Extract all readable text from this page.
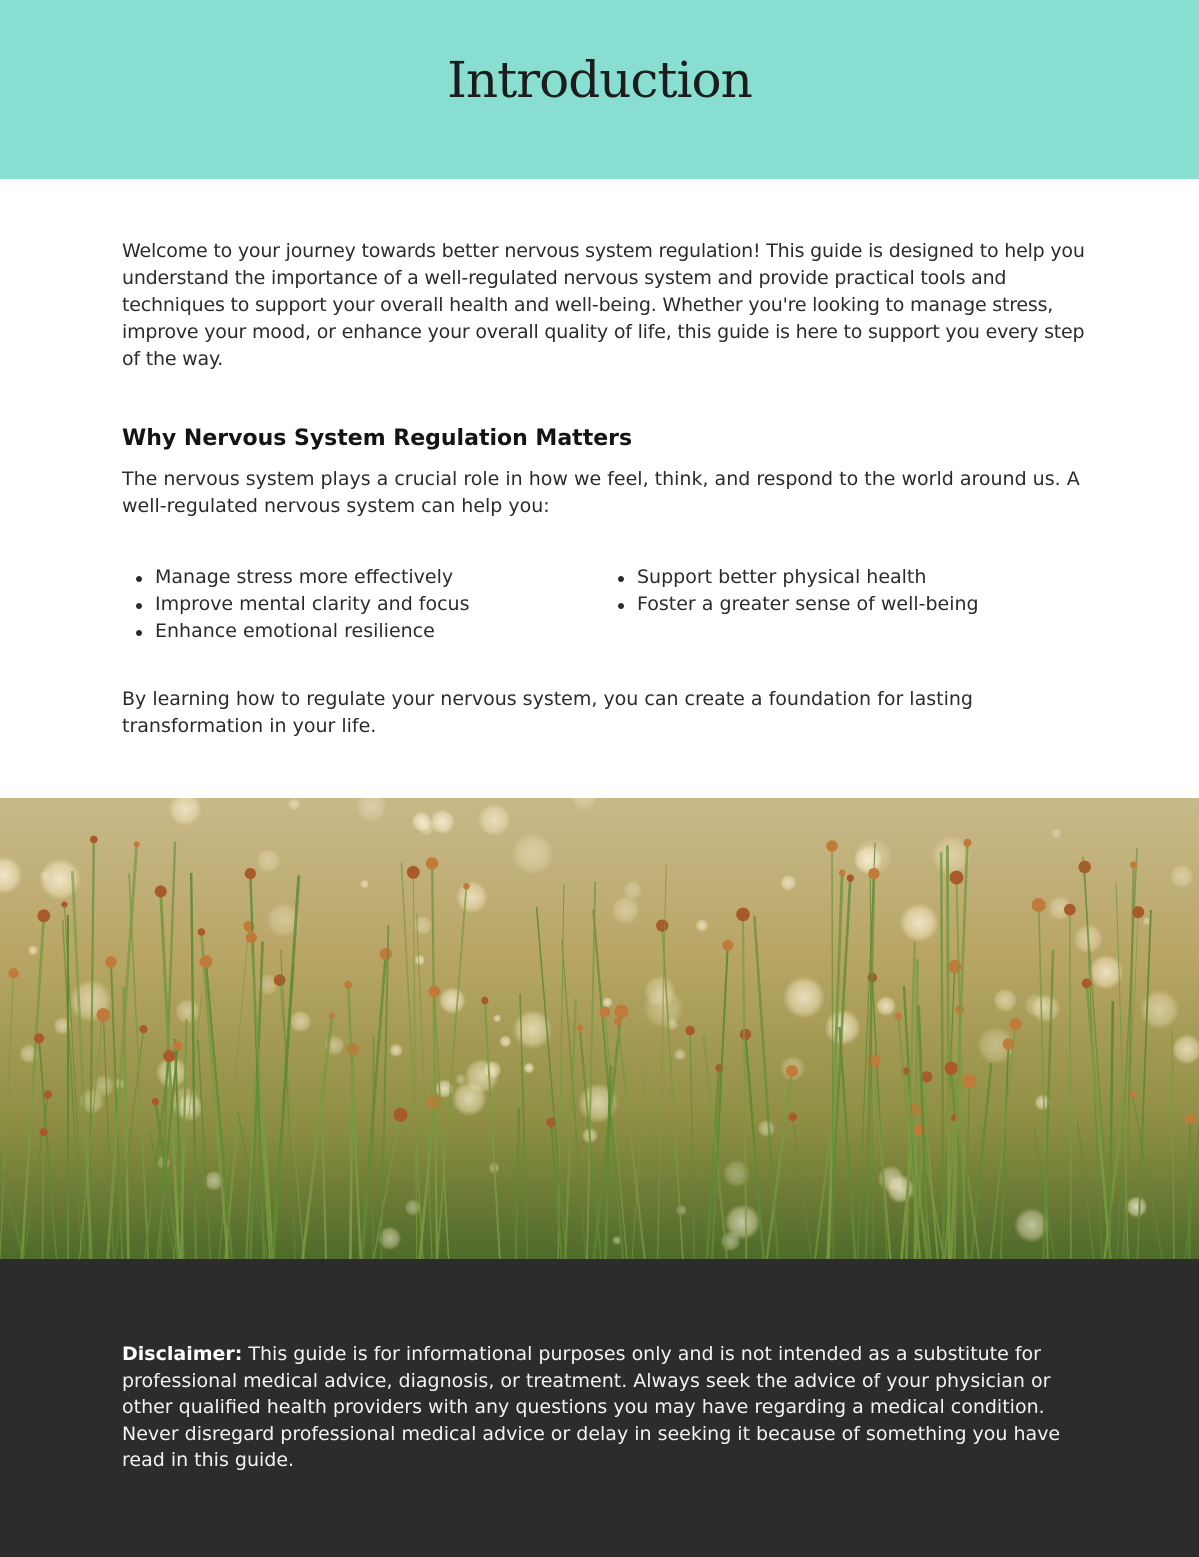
Introduction

Welcome to your journey towards better nervous system regulation! This guide is designed to help you understand the importance of a well-regulated nervous system and provide practical tools and techniques to support your overall health and well-being. Whether you're looking to manage stress, improve your mood, or enhance your overall quality of life, this guide is here to support you every step of the way.

Why Nervous System Regulation Matters

The nervous system plays a crucial role in how we feel, think, and respond to the world around us. A well-regulated nervous system can help you:

Manage stress more effectively
Improve mental clarity and focus
Enhance emotional resilience
Support better physical health
Foster a greater sense of well-being

By learning how to regulate your nervous system, you can create a foundation for lasting transformation in your life.

Disclaimer: This guide is for informational purposes only and is not intended as a substitute for professional medical advice, diagnosis, or treatment. Always seek the advice of your physician or other qualified health providers with any questions you may have regarding a medical condition. Never disregard professional medical advice or delay in seeking it because of something you have read in this guide.
